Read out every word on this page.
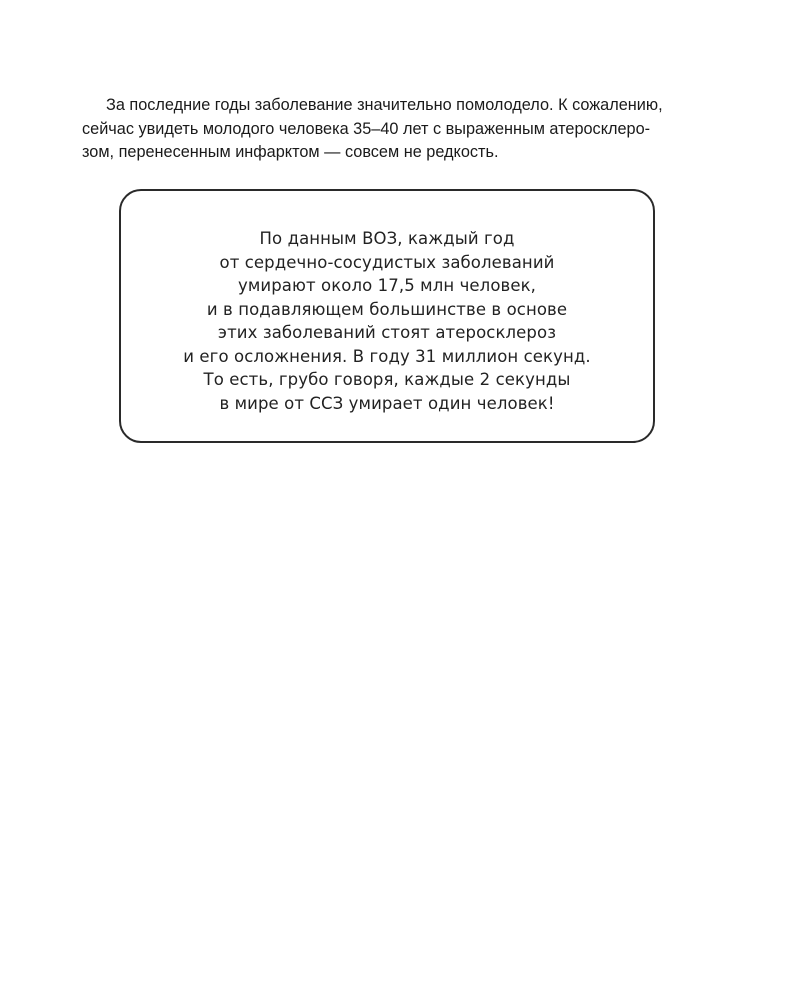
За последние годы заболевание значительно помолодело. К сожалению,
сейчас увидеть молодого человека 35–40 лет с выраженным атеросклеро-
зом, перенесенным инфарктом — совсем не редкость.

По данным ВОЗ, каждый год
от сердечно-сосудистых заболеваний
умирают около 17,5 млн человек,
и в подавляющем большинстве в основе
этих заболеваний стоят атеросклероз
и его осложнения. В году 31 миллион секунд.
То есть, грубо говоря, каждые 2 секунды
в мире от ССЗ умирает один человек!
